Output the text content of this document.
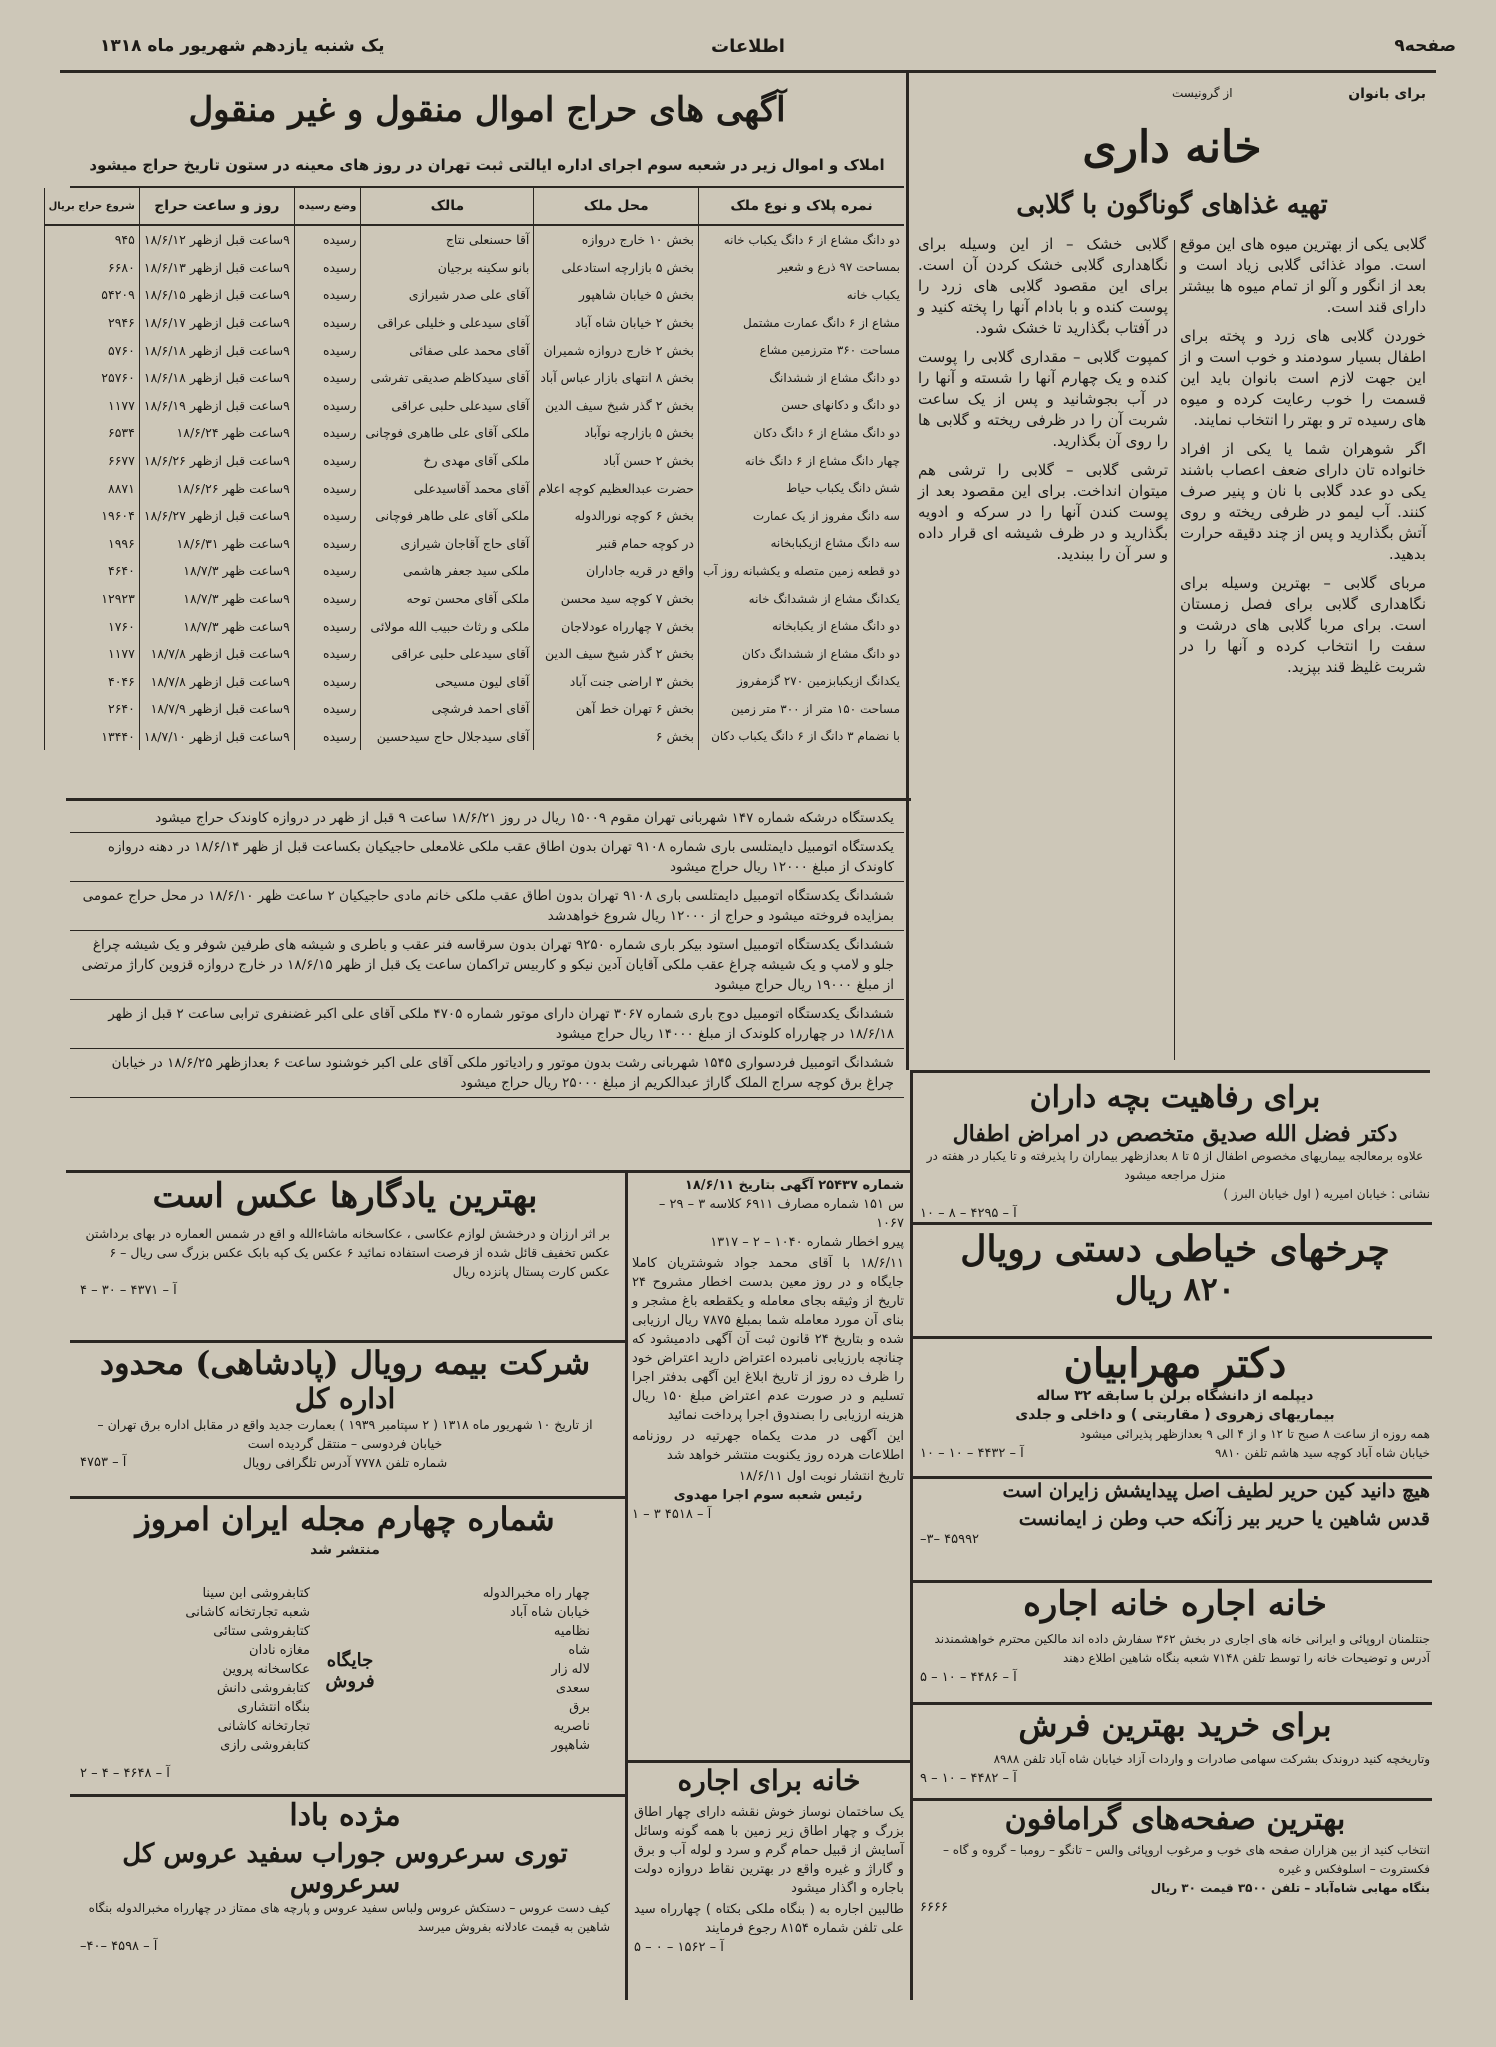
صفحه۹
اطلاعات
یک شنبه یازدهم شهریور ماه ۱۳۱۸
برای بانوان
از گرونیست
خانه داری
تهیه غذاهای گوناگون با گلابی

گلابی خشک – از این وسیله برای نگاهداری گلابی خشک کردن آن است. برای این مقصود گلابی های زرد را پوست کنده و با بادام آنها را پخته کنید و در آفتاب بگذارید تا خشک شود.

کمپوت گلابی – مقداری گلابی را پوست کنده و یک چهارم آنها را شسته و آنها را در آب بجوشانید و پس از یک ساعت شربت آن را در ظرفی ریخته و گلابی ها را روی آن بگذارید.

ترشی گلابی – گلابی را ترشی هم میتوان انداخت. برای این مقصود بعد از پوست کندن آنها را در سرکه و ادویه بگذارید و در ظرف شیشه ای قرار داده و سر آن را ببندید.

گلابی یکی از بهترین میوه های این موقع است. مواد غذائی گلابی زیاد است و بعد از انگور و آلو از تمام میوه ها بیشتر دارای قند است.

خوردن گلابی های زرد و پخته برای اطفال بسیار سودمند و خوب است و از این جهت لازم است بانوان باید این قسمت را خوب رعایت کرده و میوه های رسیده تر و بهتر را انتخاب نمایند.

اگر شوهران شما یا یکی از افراد خانواده تان دارای ضعف اعصاب باشند یکی دو عدد گلابی با نان و پنیر صرف کنند. آب لیمو در ظرفی ریخته و روی آتش بگذارید و پس از چند دقیقه حرارت بدهید.

مربای گلابی – بهترین وسیله برای نگاهداری گلابی برای فصل زمستان است. برای مربا گلابی های درشت و سفت را انتخاب کرده و آنها را در شربت غلیظ قند بپزید.

آگهی های حراج اموال منقول و غیر منقول
املاک و اموال زیر در شعبه سوم اجرای اداره ایالتی ثبت تهران در روز های معینه در ستون تاریخ حراج میشود
نمره پلاک و نوع ملک	محل ملک	مالک	وضع رسیده	روز و ساعت حراج	شروع حراج بریال
دو دانگ مشاع از ۶ دانگ یکباب خانه	بخش ۱۰ خارج دروازه	آقا حسنعلی نتاج	رسیده	۹ساعت قبل ازظهر ۱۸/۶/۱۲	۹۴۵
بمساحت ۹۷ ذرع و شعیر	بخش ۵ بازارچه استادعلی	بانو سکینه برجیان	رسیده	۹ساعت قبل ازظهر ۱۸/۶/۱۳	۶۶۸۰
یکباب خانه	بخش ۵ خیابان شاهپور	آقای علی صدر شیرازی	رسیده	۹ساعت قبل ازظهر ۱۸/۶/۱۵	۵۴۲۰۹
مشاع از ۶ دانگ عمارت مشتمل	بخش ۲ خیابان شاه آباد	آقای سیدعلی و خلیلی عراقی	رسیده	۹ساعت قبل ازظهر ۱۸/۶/۱۷	۲۹۴۶
مساحت ۳۶۰ مترزمین مشاع	بخش ۲ خارج دروازه شمیران	آقای محمد علی صفائی	رسیده	۹ساعت قبل ازظهر ۱۸/۶/۱۸	۵۷۶۰
دو دانگ مشاع از ششدانگ	بخش ۸ انتهای بازار عباس آباد	آقای سیدکاظم صدیقی تفرشی	رسیده	۹ساعت قبل ازظهر ۱۸/۶/۱۸	۲۵۷۶۰
دو دانگ و دکانهای حسن	بخش ۲ گذر شیخ سیف الدین	آقای سیدعلی حلبی عراقی	رسیده	۹ساعت قبل ازظهر ۱۸/۶/۱۹	۱۱۷۷
دو دانگ مشاع از ۶ دانگ دکان	بخش ۵ بازارچه نوآباد	ملکی آقای علی طاهری فوچانی	رسیده	۹ساعت ظهر ۱۸/۶/۲۴	۶۵۳۴
چهار دانگ مشاع از ۶ دانگ خانه	بخش ۲ حسن آباد	ملکی آقای مهدی رخ	رسیده	۹ساعت قبل ازظهر ۱۸/۶/۲۶	۶۶۷۷
شش دانگ یکباب حیاط	حضرت عبدالعظیم کوچه اعلام	آقای محمد آقاسیدعلی	رسیده	۹ساعت ظهر ۱۸/۶/۲۶	۸۸۷۱
سه دانگ مفروز از یک عمارت	بخش ۶ کوچه نورالدوله	ملکی آقای علی طاهر فوچانی	رسیده	۹ساعت قبل ازظهر ۱۸/۶/۲۷	۱۹۶۰۴
سه دانگ مشاع ازیکبابخانه	در کوچه حمام قنبر	آقای حاج آقاجان شیرازی	رسیده	۹ساعت ظهر ۱۸/۶/۳۱	۱۹۹۶
دو قطعه زمین متصله و یکشبانه روز آب	واقع در قریه جاداران	ملکی سید جعفر هاشمی	رسیده	۹ساعت ظهر ۱۸/۷/۳	۴۶۴۰
یکدانگ مشاع از ششدانگ خانه	بخش ۷ کوچه سید محسن	ملکی آقای محسن توحه	رسیده	۹ساعت ظهر ۱۸/۷/۳	۱۲۹۲۳
دو دانگ مشاع از یکبابخانه	بخش ۷ چهارراه عودلاجان	ملکی و رثاث حبیب الله مولائی	رسیده	۹ساعت ظهر ۱۸/۷/۳	۱۷۶۰
دو دانگ مشاع از ششدانگ دکان	بخش ۲ گذر شیخ سیف الدین	آقای سیدعلی حلبی عراقی	رسیده	۹ساعت قبل ازظهر ۱۸/۷/۸	۱۱۷۷
یکدانگ ازیکبابزمین ۲۷۰ گزمفروز	بخش ۳ اراضی جنت آباد	آقای لیون مسیحی	رسیده	۹ساعت قبل ازظهر ۱۸/۷/۸	۴۰۴۶
مساحت ۱۵۰ متر از ۳۰۰ متر زمین	بخش ۶ تهران خط آهن	آقای احمد فرشچی	رسیده	۹ساعت قبل ازظهر ۱۸/۷/۹	۲۶۴۰
با نضمام ۳ دانگ از ۶ دانگ یکباب دکان	بخش ۶	آقای سیدجلال حاج سیدحسین	رسیده	۹ساعت قبل ازظهر ۱۸/۷/۱۰	۱۳۴۴۰

یکدستگاه درشکه شماره ۱۴۷ شهربانی تهران مقوم ۱۵۰۰۹ ریال در روز ۱۸/۶/۲۱ ساعت ۹ قبل از ظهر در دروازه کاوندک حراج میشود

یکدستگاه اتومبیل دایمتلسی باری شماره ۹۱۰۸ تهران بدون اطاق عقب ملکی غلامعلی حاجیکیان بکساعت قبل از ظهر ۱۸/۶/۱۴ در دهنه دروازه کاوندک از مبلغ ۱۲۰۰۰ ریال حراج میشود

ششدانگ یکدستگاه اتومبیل دایمتلسی باری ۹۱۰۸ تهران بدون اطاق عقب ملکی خانم مادی حاجیکیان ۲ ساعت ظهر ۱۸/۶/۱۰ در محل حراج عمومی بمزایده فروخته میشود و حراج از ۱۲۰۰۰ ریال شروع خواهدشد

ششدانگ یکدستگاه اتومبیل استود بیکر باری شماره ۹۲۵۰ تهران بدون سرقاسه فنر عقب و باطری و شیشه های طرفین شوفر و یک شیشه چراغ جلو و لامپ و یک شیشه چراغ عقب ملکی آقایان آدین نیکو و کاربیس تراکمان ساعت یک قبل از ظهر ۱۸/۶/۱۵ در خارج دروازه قزوین کاراژ مرتضی از مبلغ ۱۹۰۰۰ ریال حراج میشود

ششدانگ یکدستگاه اتومبیل دوج باری شماره ۳۰۶۷ تهران دارای موتور شماره ۴۷۰۵ ملکی آقای علی اکبر غضنفری ترابی ساعت ۲ قبل از ظهر ۱۸/۶/۱۸ در چهارراه کلوندک از مبلغ ۱۴۰۰۰ ریال حراج میشود

ششدانگ اتومبیل فردسواری ۱۵۴۵ شهربانی رشت بدون موتور و رادیاتور ملکی آقای علی اکبر خوشنود ساعت ۶ بعدازظهر ۱۸/۶/۲۵ در خیابان چراغ برق کوچه سراج الملک گاراژ عبدالکریم از مبلغ ۲۵۰۰۰ ریال حراج میشود	برای رفاهیت بچه داران
دکتر فضل الله صدیق متخصص در امراض اطفال
علاوه برمعالجه بیماریهای مخصوص اطفال از ۵ تا ۸ بعدازظهر بیماران را پذیرفته و تا یکبار در هفته در منزل مراجعه میشود
نشانی : خیابان امیریه ( اول خیابان البرز )
آ – ۴۲۹۵ – ۸ – ۱۰
چرخهای خیاطی دستی رویال
۸۲۰ ریال
دکتر مهرابیان
دیپلمه از دانشگاه برلن با سابقه ۳۲ ساله
بیماریهای زهروی ( مقاربتی ) و داخلی و جلدی
همه روزه از ساعت ۸ صبح تا ۱۲ و از ۴ الی ۹ بعدازظهر پذیرائی میشود
خیابان شاه آباد کوچه سید هاشم تلفن ۹۸۱۰
آ – ۴۴۳۲ – ۱۰ – ۱۰
هیچ دانید کین حریر لطیف اصل پیدایشش زایران است
قدس شاهین یا حریر بیر زآنکه حب وطن ز ایمانست
۴۵۹۹۲ –۳–
خانه اجاره خانه اجاره
جنتلمنان اروپائی و ایرانی خانه های اجاری در بخش ۳۶۲ سفارش داده اند مالکین محترم خواهشمندند آدرس و توضیحات خانه را توسط تلفن ۷۱۴۸ شعبه بنگاه شاهین اطلاع دهند
آ – ۴۴۸۶ – ۱۰ – ۵
برای خرید بهترین فرش
وتاریخچه کنید دروندک بشرکت سهامی صادرات و واردات آزاد خیابان شاه آباد تلفن ۸۹۸۸
آ – ۴۴۸۲ – ۱۰ – ۹
بهترین صفحه‌های گرامافون
انتخاب کنید از بین هزاران صفحه های خوب و مرغوب اروپائی والس – تانگو – رومبا – گروه و گاه – فکستروت – اسلوفکس و غیره
بنگاه مهابی شاه‌آباد – تلفن ۳۵۰۰ قیمت ۳۰ ریال
۶۶۶۶
بهترین یادگارها عکس است
بر اثر ارزان و درخشش لوازم عکاسی ، عکاسخانه ماشاءالله و اقع در شمس العماره در بهای برداشتن عکس تخفیف قائل شده از فرصت استفاده نمائید ۶ عکس یک کپه بابک عکس بزرگ سی ریال – ۶ عکس کارت پستال پانزده ریال
آ – ۴۳۷۱ – ۳۰ – ۴
شرکت بیمه رویال (پادشاهی) محدود
اداره کل
از تاریخ ۱۰ شهریور ماه ۱۳۱۸ ( ۲ سپتامبر ۱۹۳۹ ) بعمارت جدید واقع در مقابل اداره برق تهران – خیابان فردوسی – منتقل گردیده است
شماره تلفن ۷۷۷۸ آدرس تلگرافی رویال
آ – ۴۷۵۳
شماره چهارم مجله ایران امروز
منتشر شد
چهار راه مخبرالدوله
خیابان شاه آباد
نظامیه
شاه
لاله زار
سعدی
برق
ناصریه
شاهپور
جایگاه فروش
کتابفروشی ابن سینا
شعبه تجارتخانه کاشانی
کتابفروشی ستائی
مغازه نادان
عکاسخانه پروین
کتابفروشی دانش
بنگاه انتشاری
تجارتخانه کاشانی
کتابفروشی رازی
آ – ۴۶۴۸ – ۴ – ۲
مژده بادا
توری سرعروس جوراب سفید عروس کل سرعروس
کیف دست عروس – دستکش عروس ولباس سفید عروس و پارچه های ممتاز در چهارراه مخبرالدوله بنگاه شاهین به قیمت عادلانه بفروش میرسد
آ – ۴۵۹۸ –۴۰–
شماره ۲۵۴۳۷ آگهی بتاریخ ۱۸/۶/۱۱
س ۱۵۱ شماره مصارف ۶۹۱۱ کلاسه ۳ – ۲۹ – ۱۰۶۷
پیرو اخطار شماره ۱۰۴۰ – ۲ – ۱۳۱۷

۱۸/۶/۱۱ با آقای محمد جواد شوشتریان کاملا جایگاه و در روز معین بدست اخطار مشروح ۲۴ تاریخ از وثیقه بجای معامله و یکقطعه باغ مشجر و بنای آن مورد معامله شما بمبلغ ۷۸۷۵ ریال ارزیابی شده و بتاریخ ۲۴ قانون ثبت آن آگهی دادمیشود که چنانچه بارزیابی نامبرده اعتراض دارید اعتراض خود را ظرف ده روز از تاریخ ابلاغ این آگهی بدفتر اجرا تسلیم و در صورت عدم اعتراض مبلغ ۱۵۰ ریال هزینه ارزیابی را بصندوق اجرا پرداخت نمائید

این آگهی در مدت یکماه جهرتیه در روزنامه اطلاعات هرده روز یکنوبت منتشر خواهد شد

تاریخ انتشار نوبت اول ۱۸/۶/۱۱
رئیس شعبه سوم اجرا مهدوی
آ – ۴۵۱۸ ۳ – ۱
خانه برای اجاره

یک ساختمان نوساز خوش نقشه دارای چهار اطاق بزرگ و چهار اطاق زیر زمین با همه گونه وسائل آسایش از قبیل حمام گرم و سرد و لوله آب و برق و گاراژ و غیره واقع در بهترین نقاط دروازه دولت باجاره و اگذار میشود

طالبین اجاره به ( بنگاه ملکی بکتاه ) چهارراه سید علی تلفن شماره ۸۱۵۴ رجوع فرمایند

آ – ۱۵۶۲ – ۰ – ۵
